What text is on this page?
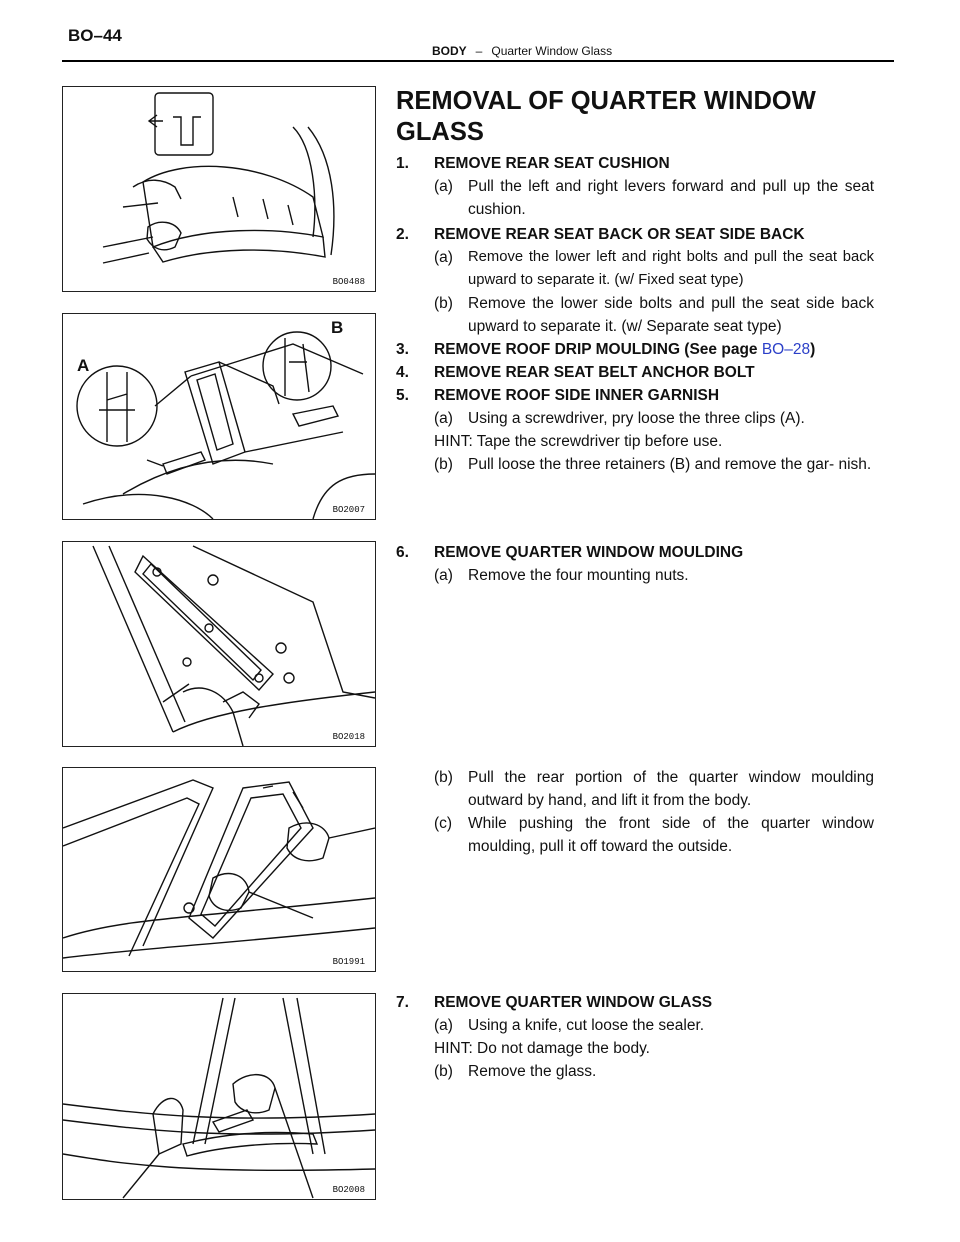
BO–44
BODY – Quarter Window Glass
BO0488
A
B
BO2007
BO2018
BO1991
BO2008
REMOVAL OF QUARTER WINDOW GLASS
1.	REMOVE REAR SEAT CUSHION
(a) Pull the left and right levers forward and pull up the seat cushion.
2.	REMOVE REAR SEAT BACK OR SEAT SIDE BACK
(a)	Remove the lower left and right bolts and pull the seat back upward to separate it. (w/ Fixed seat type)
(b) Remove the lower side bolts and pull the seat side back upward to separate it. (w/ Separate seat type)
3.	REMOVE ROOF DRIP MOULDING (See page BO–28)
4.	REMOVE REAR SEAT BELT ANCHOR BOLT
5.	REMOVE ROOF SIDE INNER GARNISH
(a) Using a screwdriver, pry loose the three clips (A).
HINT: Tape the screwdriver tip before use.
(b) Pull loose the three retainers (B) and remove the gar- nish.
6.	REMOVE QUARTER WINDOW MOULDING
(a) Remove the four mounting nuts.
(b) Pull the rear portion of the quarter window moulding outward by hand, and lift it from the body.
(c)	While pushing the front side of the quarter window moulding, pull it off toward the outside.
7.	REMOVE QUARTER WINDOW GLASS
(a) Using a knife, cut loose the sealer.
HINT: Do not damage the body.
(b) Remove the glass.
